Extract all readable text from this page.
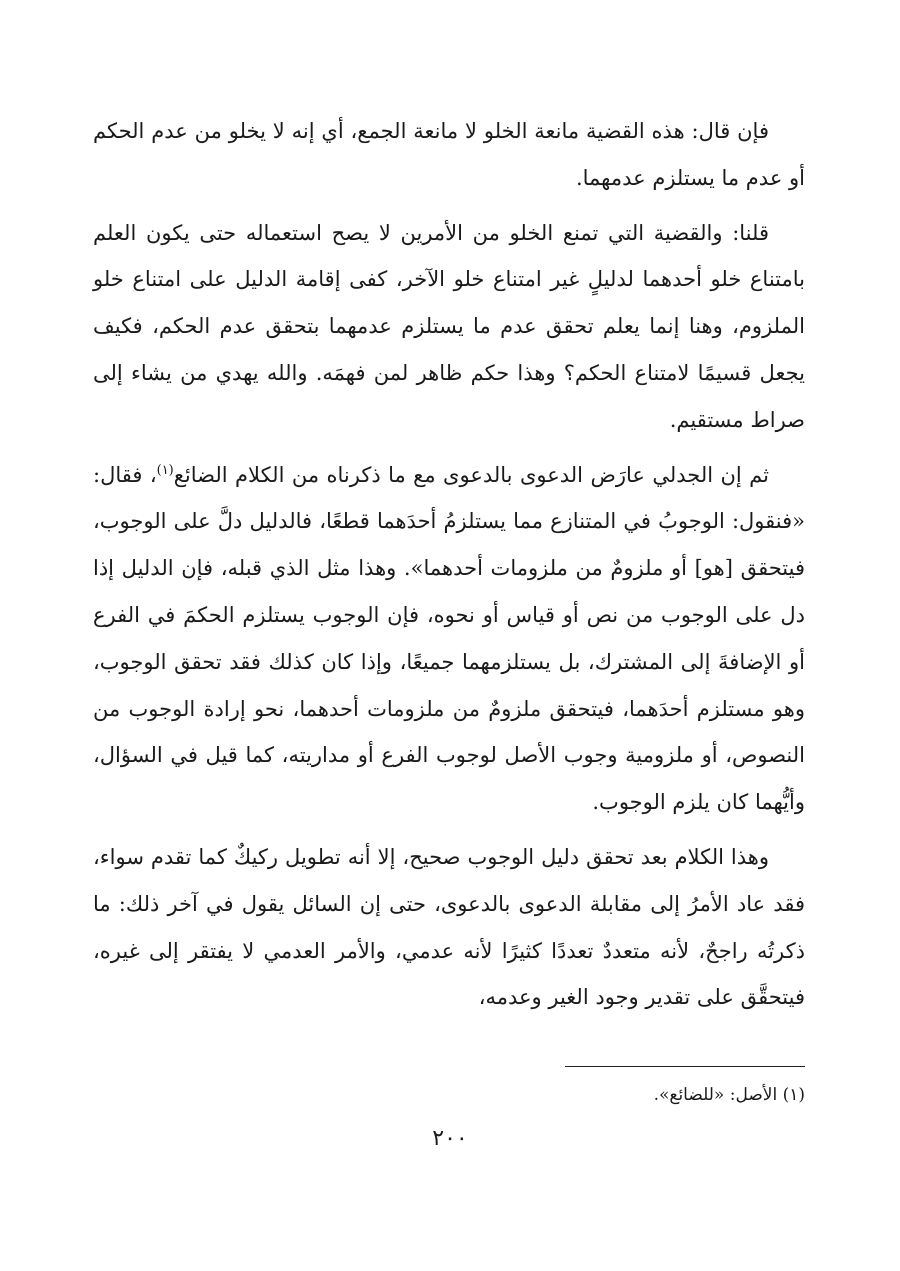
فإن قال: هذه القضية مانعة الخلو لا مانعة الجمع، أي إنه لا يخلو من عدم الحكم أو عدم ما يستلزم عدمهما.

قلنا: والقضية التي تمنع الخلو من الأمرين لا يصح استعماله حتى يكون العلم بامتناع خلو أحدهما لدليلٍ غير امتناع خلو الآخر، كفى إقامة الدليل على امتناع خلو الملزوم، وهنا إنما يعلم تحقق عدم ما يستلزم عدمهما بتحقق عدم الحكم، فكيف يجعل قسيمًا لامتناع الحكم؟ وهذا حكم ظاهر لمن فهمَه. والله يهدي من يشاء إلى صراط مستقيم.

ثم إن الجدلي عارَض الدعوى بالدعوى مع ما ذكرناه من الكلام الضائع$^{(١)}$، فقال: «فنقول: الوجوبُ في المتنازع مما يستلزمُ أحدَهما قطعًا، فالدليل دلَّ على الوجوب، فيتحقق [هو] أو ملزومٌ من ملزومات أحدهما». وهذا مثل الذي قبله، فإن الدليل إذا دل على الوجوب من نص أو قياس أو نحوه، فإن الوجوب يستلزم الحكمَ في الفرع أو الإضافةَ إلى المشترك، بل يستلزمهما جميعًا، وإذا كان كذلك فقد تحقق الوجوب، وهو مستلزم أحدَهما، فيتحقق ملزومٌ من ملزومات أحدهما، نحو إرادة الوجوب من النصوص، أو ملزومية وجوب الأصل لوجوب الفرع أو مداريته، كما قيل في السؤال، وأيُّهما كان يلزم الوجوب.

وهذا الكلام بعد تحقق دليل الوجوب صحيح، إلا أنه تطويل ركيكٌ كما تقدم سواء، فقد عاد الأمرُ إلى مقابلة الدعوى بالدعوى، حتى إن السائل يقول في آخر ذلك: ما ذكرتُه راجحٌ، لأنه متعددٌ تعددًا كثيرًا لأنه عدمي، والأمر العدمي لا يفتقر إلى غيره، فيتحقَّق على تقدير وجود الغير وعدمه،

(١) الأصل: «للضائع».

٢٠٠
